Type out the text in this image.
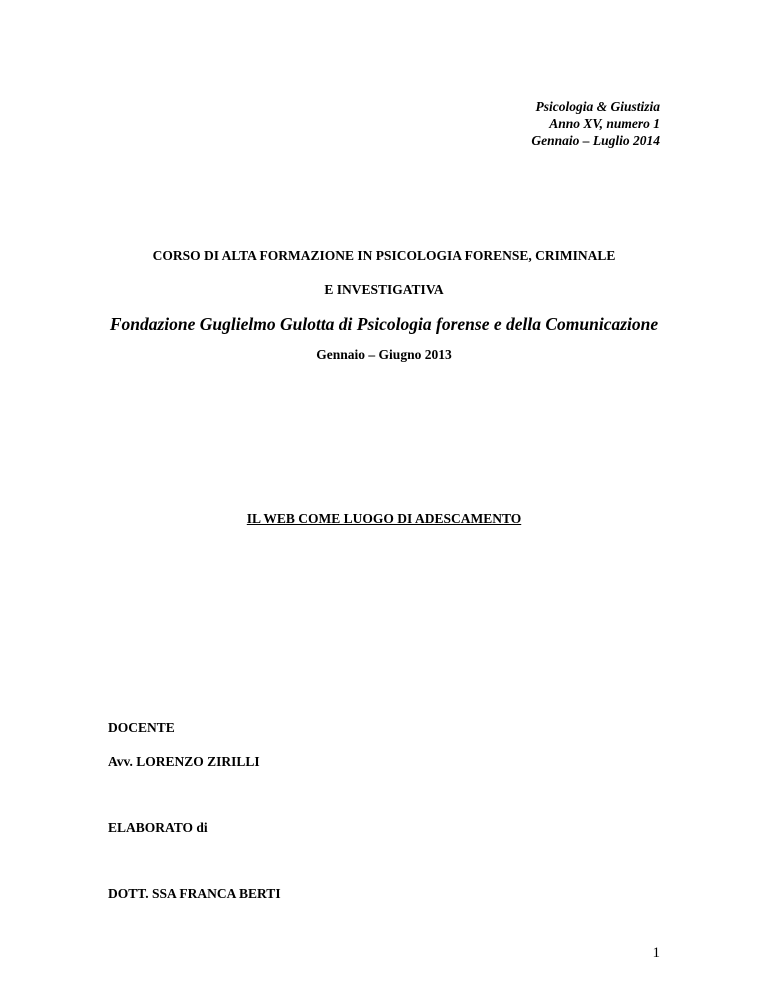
Psicologia & Giustizia
Anno XV, numero 1
Gennaio – Luglio 2014
CORSO DI ALTA FORMAZIONE IN PSICOLOGIA FORENSE, CRIMINALE
E INVESTIGATIVA
Fondazione Guglielmo Gulotta di Psicologia forense e della Comunicazione
Gennaio – Giugno 2013
IL WEB COME LUOGO DI ADESCAMENTO
DOCENTE
Avv. LORENZO ZIRILLI
ELABORATO di
DOTT. SSA FRANCA BERTI
1
